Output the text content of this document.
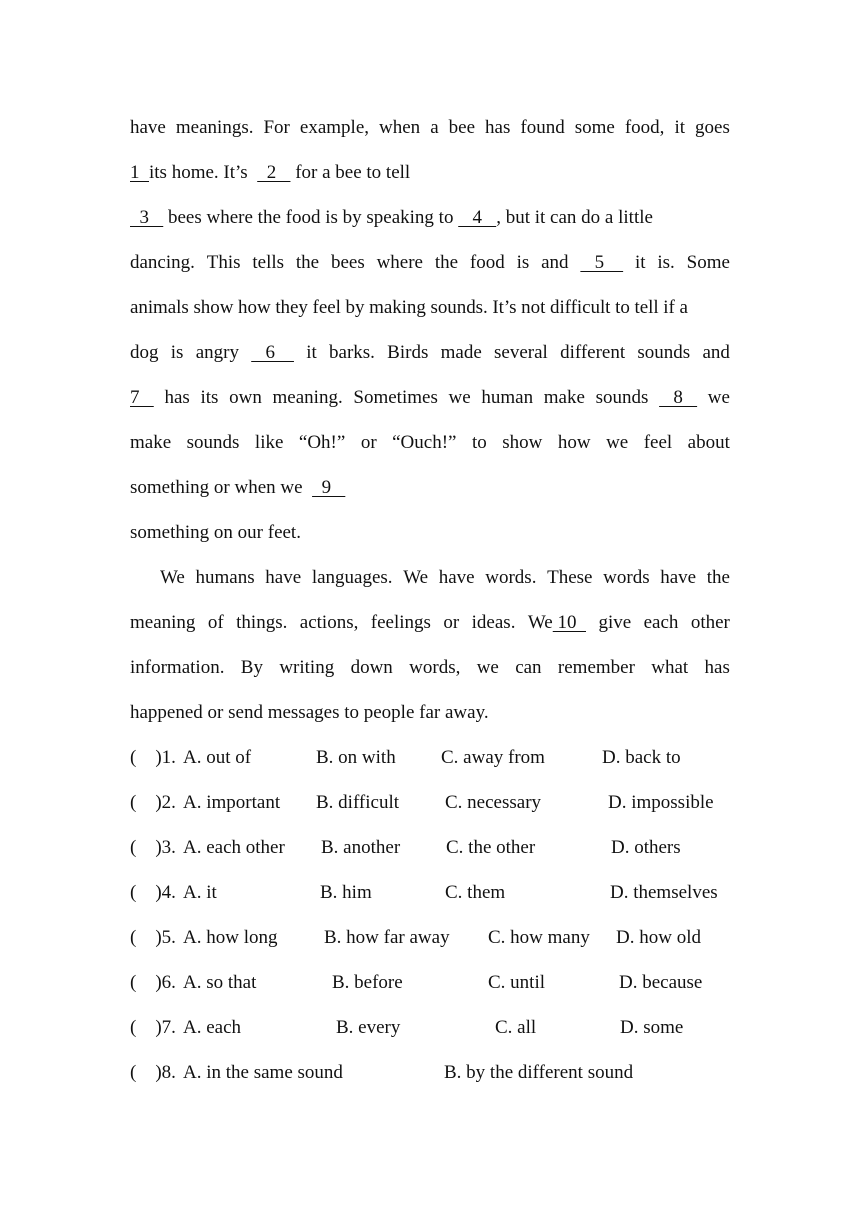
have meanings. For example, when a bee has found some food, it goes
1  its home. It’s    2    for a bee to tell
3    bees where the food is by speaking to    4   , but it can do a little
dancing. This tells the bees where the food is and 5 it is. Some
animals show how they feel by making sounds. It’s not difficult to tell if a
dog is angry 6 it barks. Birds made several different sounds and
7 has its own meaning. Sometimes we human make sounds 8 we
make sounds like “Oh!” or “Ouch!” to show how we feel about
something or when we    9
something on our feet.
We humans have languages. We have words. These words have the
meaning of things. actions, feelings or ideas. We 10 give each other
information. By writing down words, we can remember what has
happened or send messages to people far away.
(    )1. A. out of	B. on with C. away from	D. back to
(    )2. A. important B. difficult C. necessary	D. impossible
(    )3. A. each other B. another C. the other	D. others
(    )4. A. it	B. him	C. them	D. themselves
(    )5. A. how long B. how far away C. how many D. how old
(    )6. A. so that	B. before	C. until	D. because
(    )7. A. each	B. every	C. all	D. some
(    )8. A. in the same sound	B. by the different sound
